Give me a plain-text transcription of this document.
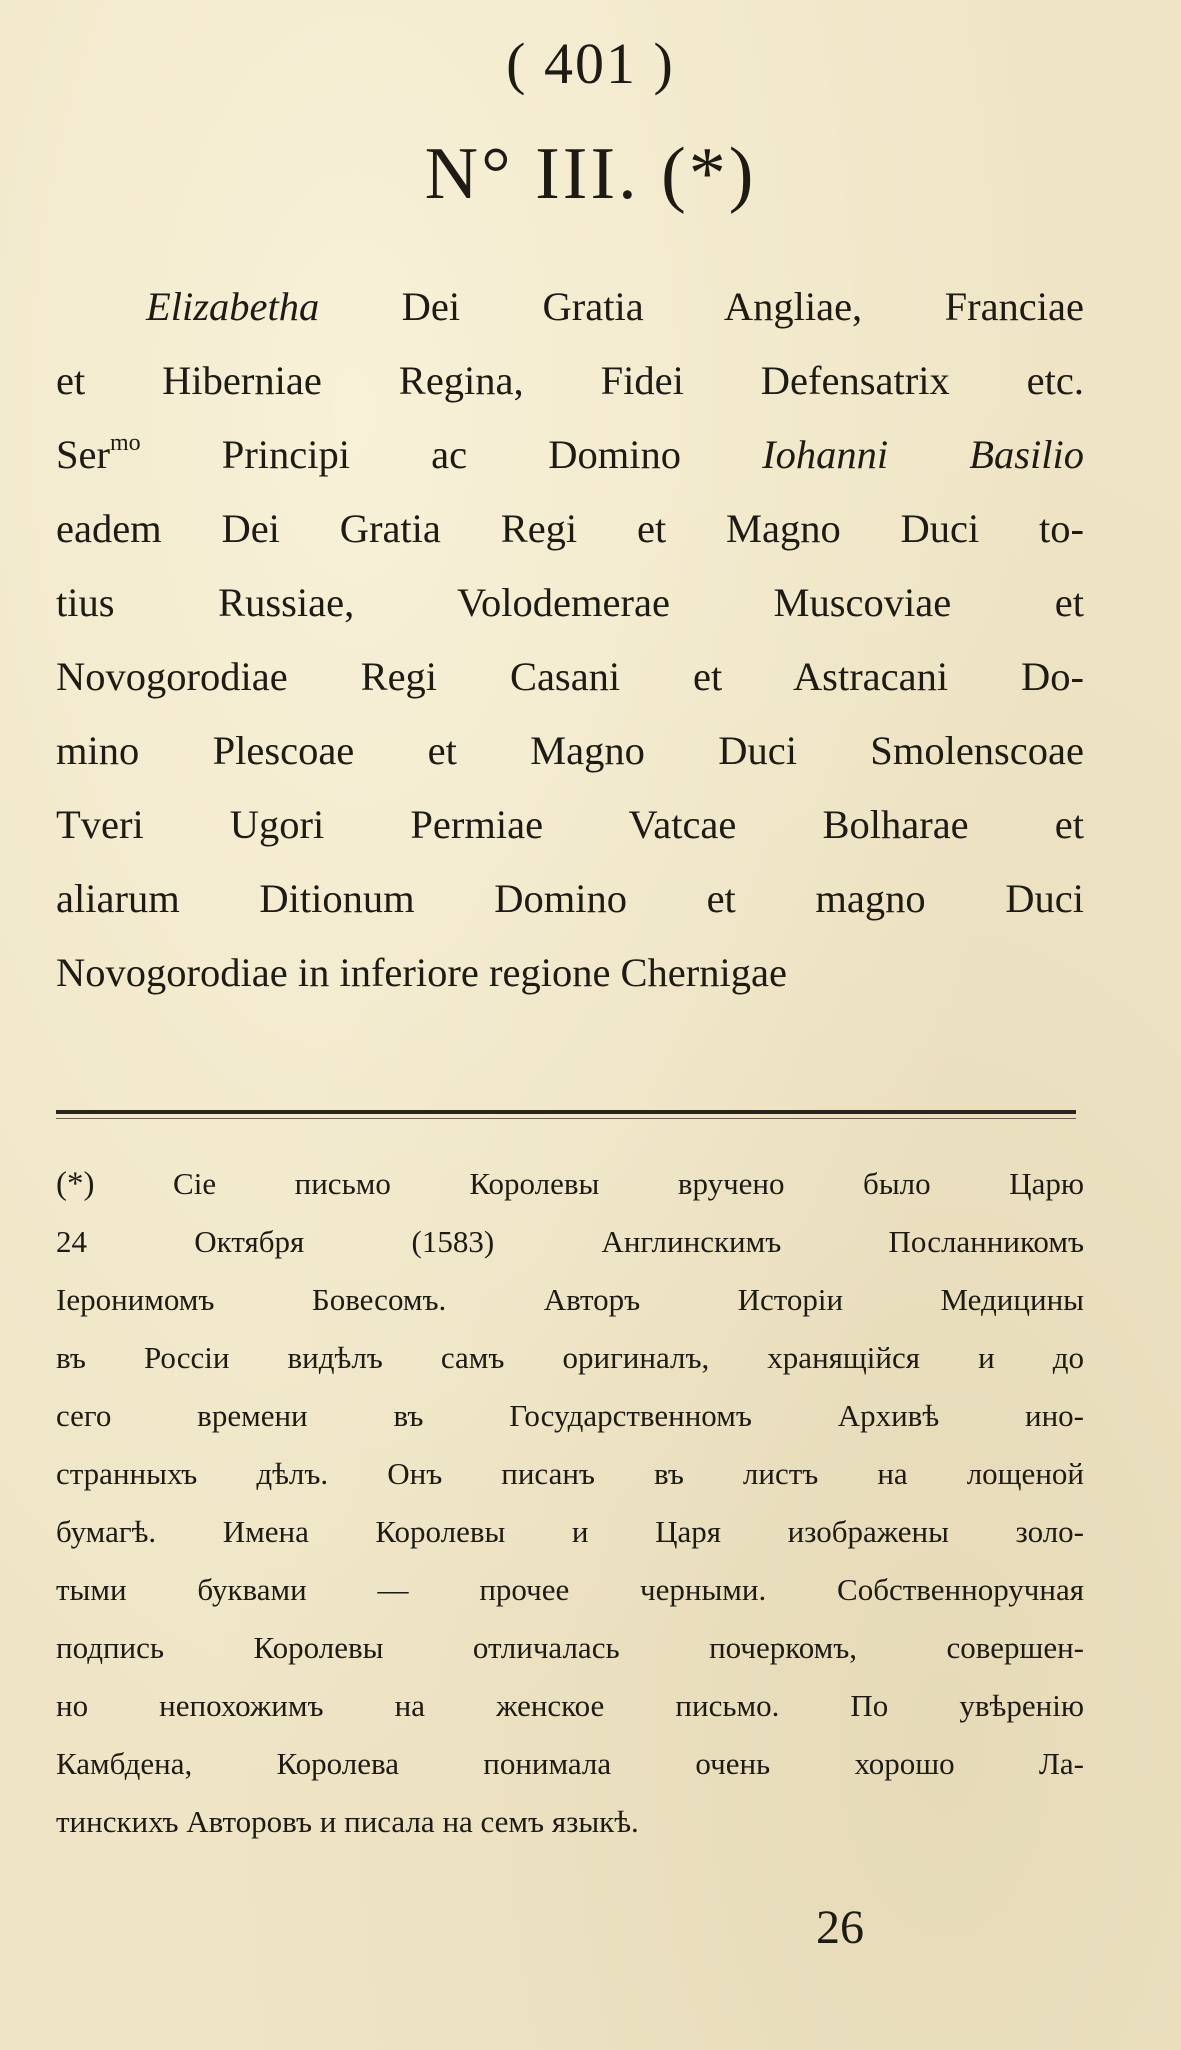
( 401 )
N° III. (*)
Elizabetha Dei Gratia Angliae, Franciae
et Hiberniae Regina, Fidei Defensatrix etc.
Ser$^{mo}$ Principi ac Domino Iohanni Basilio
eadem Dei Gratia Regi et Magno Duci to-
tius Russiae, Volodemerae Muscoviae et
Novogorodiae Regi Casani et Astracani Do-
mino Plescoae et Magno Duci Smolenscoae
Tveri Ugori Permiae Vatcae Bolharae et
aliarum Ditionum Domino et magno Duci
Novogorodiae in inferiore regione Chernigae
(*) Сіе письмо Королевы вручено было Царю
24 Октября (1583) Англинскимъ Посланникомъ
Іеронимомъ Бовесомъ. Авторъ Исторіи Медицины
въ Россіи видѣлъ самъ оригиналъ, хранящійся и до
сего времени въ Государственномъ Архивѣ ино-
странныхъ дѣлъ. Онъ писанъ въ листъ на лощеной
бумагѣ. Имена Королевы и Царя изображены золо-
тыми буквами — прочее черными. Собственноручная
подпись Королевы отличалась почеркомъ, совершен-
но непохожимъ на женское письмо. По увѣренію
Камбдена, Королева понимала очень хорошо Ла-
тинскихъ Авторовъ и писала на семъ языкѣ.
26
